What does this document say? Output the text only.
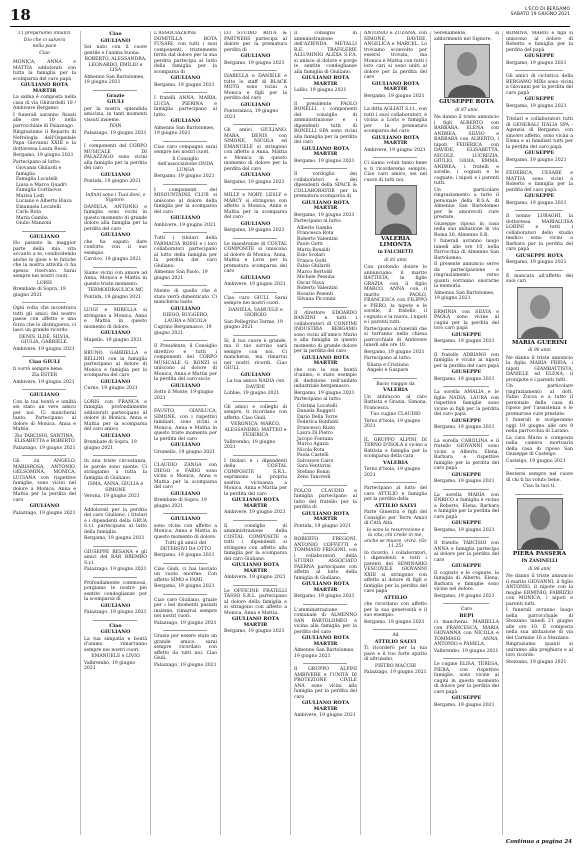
18	L'ECO DI BERGAMO
SABATO 19 GIUGNO 2021

Ci prepariamo innanzi

Dio che ci salverà

nella pace

Ciao

MONICA, ANNA e MATTIA addolorati con tutta la famiglia per la scomparsa del caro papà

GIULIANO ROTA MARTIR

La salma è composta nella casa di via Ghirardelli 10 / Ambivere Bergamo.

I funerali saranno fissati alle ore 10 nella parrocchiale di Palazzago.

Ringraziamo il Reparto di Nefrologia dell'Ospedale Papa Giovanni XXIII e la dottoressa Laura Rossi.

Bergamo, 19 giugno 2021

Partecipano al lutto:

Giovanni Ghilardi e famiglia
Famiglia Locatelli
Luisa e Marco Quadri
Famiglia Cortinovis
Marisa Lodi
Luciano e Alberto Biava
Emanuela Locatelli
Carlo Rota
Maria Gamba
Giulio Manzoni
GIULIANO

Ho passato la maggior parte della mia vita accanto a te, condividendo anche le gioie e le fatiche che la nostra attività ci ha spesso riservato. Sarai sempre nei nostri cuori.

LORIS

Brembate di Sopra, 19 giugno 2021

Ogni volta che incontrava tutti gli amici del nostro paese con affetto e una forza che lo distingueva, ci lasci un grande ricordo.

DENIS, ILDE, SILVIA, GIULIA, GABRIELE.

Ambivere, 19 giugno 2021

Ciao GIULI

ti vorrò sempre bene.

Zia ESTER

Ambivere, 19 giugno 2021

GIULIANO

Con la tua bontà e umiltà sei stato un vero amico per noi. Ci mancherai tanto. Partecipano al dolore di Monica, Anna e Mattia.

Zio TARCISIO, SANTINA, ELISABETTA e ROBERTO

Palazzago, 19 giugno 2021

Gli zii ANGELO, MARIAROSA, ANTONIO, GELSOMINA, MONICA, LUCIANA con rispettive famiglie, sono vicini nel dolore a Monica, Anna e Mattia per la perdita del caro

GIULIANO

Palazzago, 19 giugno 2021

Ciao
GIULIANO

Sei nato con il cuore gentile e l'anima buona.

ROBERTO, ALESSANDRA, LEONARDO, EMILIO e LISA

Almenno San Bartolomeo, 19 giugno 2021

Grazie
GIULI

per la nostra splendida amicizia, in tanti momenti vissuti insieme.

IVAN

Palazzago, 19 giugno 2021

I componenti del CORPO MUSICALE DI PALAZZAGO sono vicini alla famiglia per la perdita del caro

GIULIANO

Pontida, 19 giugno 2021

Infiniti sono i Tuoi doni, o Signore.

DANIELA, ANTONIO e famiglia sono vicini in questo momento di grande dolore alla famiglia per la perdita del caro

GIULIANO

che ha saputo dare conforto con il suo esempio.

Carvico, 19 giugno 2021

Siamo vicini con amore ad Anna, Monica e Mattia in questo triste momento.

TERMOIDRAULICA MC

Pontida, 19 giugno 2021

LUIGI e MIRELLA si stringono a Monica, Anna e Mattia in questo momento di dolore.

GIULIANO

Mapello, 19 giugno 2021

BRUNO, GABRIELLA e BELLINI con la famiglia partecipano al dolore di Monica e famiglia per la scomparsa del caro

GIULIANO

Curno, 19 giugno 2021

LORIS con FRANCA e famiglia profondamente addolorati partecipano al dolore di Monica, Anna e Mattia per la scomparsa del caro amico

GIULIANO

Brembate di Sopra, 19 giugno 2021

In una triste circostanza, le parole sono niente. Ci stringiamo a tutta la famiglia di Giuliano.

ISMA, ANNA, GIULIA e SIMONE

Verona, 19 giugno 2021

Addolorati per la perdita del caro Giuliano, i titolari e i dipendenti della GRUA S.r.l. partecipano al lutto della famiglia.

Bergamo, 19 giugno 2021

GIUSEPPE BESANA e gli amici del BAR BREMBO S.r.l.

Palazzago, 19 giugno 2021

Profondamente commossi, porgiamo le nostre più sentite condoglianze per la scomparsa di

GIULIANO

Palazzago, 19 giugno 2021

Ciao
GIULIANO

La tua simpatia e bontà d'animo rimarranno sempre nei nostri cuori.

EMANUELE e LIVIO

Valbrembo, 19 giugno 2021

L'ASSOCIAZIONE DOMITILLA ROTA FUSARI, con tutti i suoi componenti, tristemente ferita dal dolore per la sua perdita partecipa al lutto della famiglia per la scomparsa di

GIULIANO

Bergamo, 19 giugno 2021

I fratelli ANNA, MARIA, LUCIA, PIERINA e famiglia partecipano al lutto.

GIULIANO

Almenno San Bartolomeo, 19 giugno 2021

Ciao caro compagno sarai sempre nei nostri cuori.

Il Consiglio dell'associazione ONDA LUNGA

Bergamo, 19 giugno 2021

I componenti del MISOUNTAINS CLUB si uniscono al dolore della famiglia per la scomparsa del caro

GIULIANO

Ambivere, 19 giugno 2021

Tutti i titolari della FARMACIA ROSSI e i loro collaboratori partecipano al lutto della famiglia per la perdita del caro Giuliano.

Almenno San Paolo, 19 giugno 2021

Niente di quello che è stato verrà dimenticato. Ci mancherai tanto.

GIULIANO
DIEGO, RUGGERO, LAURA e NICOLA

Caprino Bergamasco, 19 giugno 2021

Il Presidente, il Consiglio direttivo e tutti i componenti del CORPO MUSICALE G. BONZI si uniscono al dolore di Monica, Anna e Mattia per la perdita del caro socio

GIULIANO

Sotto il Monte, 19 giugno 2021

FAUSTO, GIANLUCA, SIMONE, con i rispettivi familiari, sono vicini a Monica, Anna e Mattia in questo triste momento per la perdita del caro

GIULIANO

Grumello, 19 giugno 2021

CLAUDIO ZANGA con DIEGO e FABIO sono vicini a Monica, Anna e Mattia per la scomparsa del caro

GIULIANO

Brembate di Sopra, 19 giugno 2021

GIULIANO

sono vicini con affetto a Monica, Anna e Mattia in questo momento di dolore.

Tutti gli amici del DETERSIVI DA OTTO

Bergamo, 19 giugno 2021

Ciao Giuli, ci hai lasciato un vuoto enorme. Con affetto SIMO e FAMI.

Bergamo, 19 giugno 2021

Ciao caro Giuliano, grazie per i bei momenti passati insieme, rimarrai sempre nei nostri cuori.

Palazzago, 19 giugno 2021

Grazie per essere stato un grande amico, sarai sempre ricordato con affetto da tutti noi. Ciao Giuli.

Palazzago, 19 giugno 2021

LO STUDIO ROTA & PARTNERS partecipa al dolore per la prematura perdita di

GIULIANO

Bergamo, 19 giugno 2021

ISABELLA e DANIELE e tutto lo staff di BLACK MOTO sono vicini a Monica e figli per la perdita del caro

GIULIANO

Ponteranica, 19 giugno 2021

Gli amici GIULIANO, MARA, DENIS con SIMONE, NICOLA ed EMANUELE si stringono con affetto a Anna, Mattia e Monica in questo momento di dolore per la perdita del caro

GIULIANO

Bergamo, 19 giugno 2021

MILLY e NORY, LESLY e MARCY si stringono con affetto a Monica, Anna e Mattia per la scomparsa del caro

GIULIANO

Bergamo, 19 giugno 2021

Le maestranze di COSTAL COMPOSITE si uniscono al dolore di Monica, Anna, Mattia e Loris per la prematura scomparsa del caro

GIULIANO

Ambivere, 19 giugno 2021

Ciao caro GIULI. Sarai sempre nei nostri cuori.

DANIELA, SAMUELE e GIORGIO

San Pellegrino Terme, 19 giugno 2021

Si, il tuo cuore è grande, ma il tuo sorriso sarà sempre con noi. Ci mancherai, ma rimarrai nei nostri ricordi. Ciao GIULI.

GIULIANO
La tua amica NADIA con DAVIDE

Lobbie, 19 giugno 2021

Gli amici e colleghi di sempre, ti ricordano con affetto: Ciao Giuli.

VERONICA, MARCO, ALESSANDRO, MATTEO e FEDERICA

Valbrembo, 19 giugno 2021

I titolari e i dipendenti della COSTAL COMPOSITE S.R.L. esprimono la propria sentita vicinanza a Monica, Anna e Mattia per la perdita del caro

GIULIANO ROTA MARTIR

Ambivere, 19 giugno 2021

Il consiglio di amministrazione della COSTAL COMPOSITE e tutti i dipendenti si stringono con affetto alla famiglia per la scomparsa del caro Giuliano.

GIULIANO ROTA MARTIR

Ambivere, 19 giugno 2021

Le OFFICINE FRATELLI TASSO S.R.L. partecipano al dolore della famiglia e si stringono con affetto a Monica, Anna e Mattia.

GIULIANO ROTA MARTIR

Bergamo, 19 giugno 2021

Il consiglio di amministrazione dell'AZIENDA METALLI R.E. TRAFILERIE ALLUMINIO ALEXA S.P.A. si unisce al dolore e porge le sentite condoglianze alla famiglia di Giuliano.

GIULIANO ROTA MARTIR

Lallio, 19 giugno 2021

Il presidente PAOLO BONELLI, i componenti del consiglio di amministrazione e i dipendenti tutti di BONELLI SPA sono vicini alla famiglia per la perdita del caro

GIULIANO ROTA MARTIR

Bergamo, 19 giugno 2021

Il cordoglio dei collaboratori e dei dipendenti della SPACE & COLLABORATOR per la prematura scomparsa di

GIULIANO ROTA MARTIR

Bergamo, 19 giugno 2021

Partecipano al lutto:

Alberto Gamba
Francesca Rota
Roberto Valentini
Paolo Gotti
Maria Bonaldi
Ezio Scolari
Franco Gotti
Fabio Ghilardi
Marco Bertoldi
Michele Pessina
Oscar Nava
Roberto Valentini
Rosario Pesenti
Silvana Piccinini

Il direttore EDOARDO BANZINI e tutti i collaboratori di CONFIMI INDUSTRIA BERGAMO sono vicini all'amico Mario e alla famiglia in questo momento di grande dolore per la perdita del caro

GIULIANO ROTA MARTIR

che con la sua bontà d'animo, è stato esempio di dedizione nell'ambito industriale bergamasco.

Bergamo, 19 giugno 2021

Partecipano al lutto:

Cristina Locatelli
Daniela Ruggeri
Dario Della Torre
Federica Bonfanti
Francesco Rizzo
Laura Di Pietro
Jacopo Fontana
Marco Agazzi
Nicola Rota
Paola Castelli
Salvatore Cairo
Sara Venturini
Stefano Bonin
Zeno Tancredi

FOLCO CLAUDIO e famiglia partecipano al lutto del fratello per la perdita di

GIULIANO ROTA MARTIR

Pontida, 19 giugno 2021

ROBERTO FREGONI, ANTONIO COFFETTI e TOMMASO FREGONI, con i collaboratori della STUDIO ASSOCIATO FAERNA partecipano con affetto al lutto della famiglia di Giuliano.

GIULIANO ROTA MARTIR

Bergamo, 19 giugno 2021

L'amministrazione comunale di ALMENNO SAN BARTOLOMEO è vicina alla famiglia per la perdita del caro

GIULIANO ROTA MARTIR

Almenno San Bartolomeo, 19 giugno 2021

Il GRUPPO ALPINI AMBIVERE e l'UNITÀ DI PROTEZIONE CIVILE ANA sono vicini alla famiglia per la perdita del caro

GIULIANO ROTA MARTIR

Ambivere, 19 giugno 2021

ANTONIO e ZUZANA, con SIMONE, DAVIDE, ANGELICA e MARCEL. Lo troviamo sconvolto per essersi trovata, ma Monica e Mattia con tutti i loro cari si sono uniti al dolore per la perdita del caro

GIULIANO ROTA MARTIR

Bergamo, 19 giugno 2021

La ditta AGLIATI S.r.l., con tutti i suoi collaboratori, è vicina a Loris e famiglia per la prematura scomparsa del caro

GIULIANO ROTA MARTIR

Ambivere, 19 giugno 2021

Ci siamo voluti tanto bene e ti ricorderemo sempre. Ciao caro amico, sei nel cuore di tutti noi.

VALERIA LIMONTA
in FALCHETTI
di 81 anni

Con profondo dolore lo annunciano: il marito BATTISTA, le figlie GRAZIA con il figlio MARCO, ANNA con il marito PAOLO, FRANCESCA con FILIPPO e PIERO, la nipote e le sorelle, il fratello, il cognato e la nuora, i nipoti e i parenti tutti.

Partecipano ai funerali che si terranno nella chiesa parrocchiale di Ambivere lunedì alle ore 10.

Bergamo, 19 giugno 2021

Partecipano al lutto:

Eliana e Cristiano
Angelo e Gaspare
Bacio viaggio da
VALERIA

Un abbraccio al caro Battista e Grazia, Simona, Francesca.

Tuo cugino CLAUDIO

Terno d'Isola, 19 giugno 2021

IL GRUPPO ALPINI DI TERNO D'ISOLA è vicino a Battista e famiglia per la scomparsa della cara

VALERIA

Terno d'Isola, 19 giugno 2021

Partecipano al lutto del caro ATTILIO e famiglia per la perdita della

ATTILIO SALVI

Parte Ginestra e figli del Consiglio per Terre Amici di Città Alta.

Io sono la resurrezione e la vita; chi crede in me, anche se muore, vivrà. (Gv 11,25)

In ricordo, i collaboratori, i dipendenti e tutti i parenti del SEMINARIO VESCOVILE GIOVANNI XXIII si stringono con affetto al dolore di figli e famiglia per la perdita del caro papà

ATTILIO

che ricordano con affetto per la sua generosità e il suo esempio.

Bergamo, 19 giugno 2021

Ad
ATTILIO SALVI

Ti ricorderò per la tua pace e il tuo forte spirito di altruismo.

PIETRO MACCHI

Palazzago, 19 giugno 2021

Serenamente, si addormentò nel Signore.

GIUSEPPE ROTA
di 87 anni

Ne danno il triste annuncio i figli ALBERTO con BARBARA, ELENA con ANDREA, SILVIO e BARBARA con ALBERTO, i nipoti FEDERICA con DAVIDE, ELISABETTA, NICOLE, LUCREZIA, GIULIO, GIOIA, EMMA, ANDREA, i fratelli e sorelle, i cognati e le cognate, i nipoti e i parenti tutti.

Un particolare ringraziamento a tutto il personale della R.S.A. di Almenno San Bartolomeo per le amorevoli cure prestate.

Giuseppe riposa in casa nella sua abitazione in via Roma 30, Almenno S.B.

I funerali avranno luogo lunedì alle ore 10, nella Parrocchia di Almenno San Bartolomeo.

Il presente annuncio serve da partecipazione e ringraziamento verso quanti vorranno onorarne la memoria.

Almenno San Bartolomeo, 19 giugno 2021

ERMINIA con SILVIA e PAOLA sono vicine ai cugini per la perdita del loro caro papà

GIUSEPPE

Bergamo, 19 giugno 2021

Il fratello ADRIANO con famiglia è vicino ai nipoti per la perdita del caro papà

GIUSEPPE

Bergamo, 19 giugno 2021

La sorella AMALIA e le figlie NADIA, LAURA con rispettive famiglie sono vicine ai figli per la perdita del caro papà

GIUSEPPE

Bergamo, 19 giugno 2021

La sorella CAROLINA e il fratello GIOVANNI sono vicini a Alberto, Elena, Barbara e rispettive famiglie per la perdita del caro papà

GIUSEPPE

Bergamo, 19 giugno 2021

La sorella MARIA con ENRICO e famiglia è vicina a Roberto, Elena, Barbara e famiglie per la perdita del caro papà

GIUSEPPE

Bergamo, 19 giugno 2021

Il fratello TARCISIO con ANNA e famiglia partecipa al dolore per la perdita del caro

GIUSEPPE

Il cognato e le cognate, la famiglia di Alberto, Elena, Barbara e famiglie sono vicine nel dolore.

Bergamo, 19 giugno 2021

Caro
BEPI

ci mancherai. MARIELLA con FRANCESCA, MARIA GIOVANNA con NICOLA e TOMMASO, ANNA, ANTONIO e PAMELA.

Valbrembo, 19 giugno 2021

Le cugine ELISA, TERESA, PIERA, con rispettive famiglie, sono vicine ai cugini in questo momento di dolore per la perdita del caro papà

GIUSEPPE

Bergamo, 19 giugno 2021

ROMINA, MARIO e figli si uniscono al dolore di Roberto e famiglia per la perdita del papà

GIUSEPPE

Bergamo, 19 giugno 2021

Gli amici di ciclistica della BERGAMO MIXs sono vicini a Giovanni per la perdita del caro papà

GIUSEPPE

Bergamo, 19 giugno 2021

Titolari e collaboratori tutti di GENERALI ITALIA SPA - Agenzia di Bergamo, con sincero affetto, sono vicini a Elena e ai familiari tutti per la perdita del caro papà

GIUSEPPE

Bergamo, 19 giugno 2021

FEDERICA, CESARE e MATTIA sono vicini a Roberto e famiglia per la perdita del caro papà

GIUSEPPE

Bergamo, 19 giugno 2021

Il nonno LURAGHI, la dottoressa MARIALUISA LORINI e tutti i collaboratori dello studio medico sono vicini a Barbara per la perdita del caro papà

GIUSEPPE ROTA

Bergamo, 19 giugno 2021

È mancata all'affetto dei suoi cari

MARIA GUERINI
di 90 anni

Ne danno il triste annuncio la figlia MARIA FRIDA, i nipoti GIAMBATTISTA, DANIELE ed ELENA, il pronipote e i parenti tutti.

Un particolare ringraziamento al dott. Fabio Zucca e a tutto il personale della casa di riposo per l'assistenza e le premurose cure prestate.

I funerali si svolgeranno oggi 19 giugno alle ore 9 nella parrocchia di Lurano.

La cara Maria è composta nella camera mortuaria della casa di riposo San Giuseppe di Castelgo.

Castelgo, 19 giugno 2021

Resterai sempre nel cuore di chi ti ha voluto bene.

Ciao Ia luci ti.
PIERA PASSERA
IN ZANINELLI
di 86 anni

Ne danno il triste annuncio il marito GIOVANNI, il figlio ANTONIO, il nipote con la moglie ERMINIO, FABRIZIO con MONICA, i nipoti e parenti tutti.

I funerali avranno luogo nella parrocchiale di Stezzano lunedì 21 giugno alle ore 10. È composta nella sua abitazione di via del Carmine 16 a Stezzano.

Ringraziamo quanti si uniranno alla preghiera e al loro ricordo.

Stezzano, 19 giugno 2021

Continua a pagina 24
